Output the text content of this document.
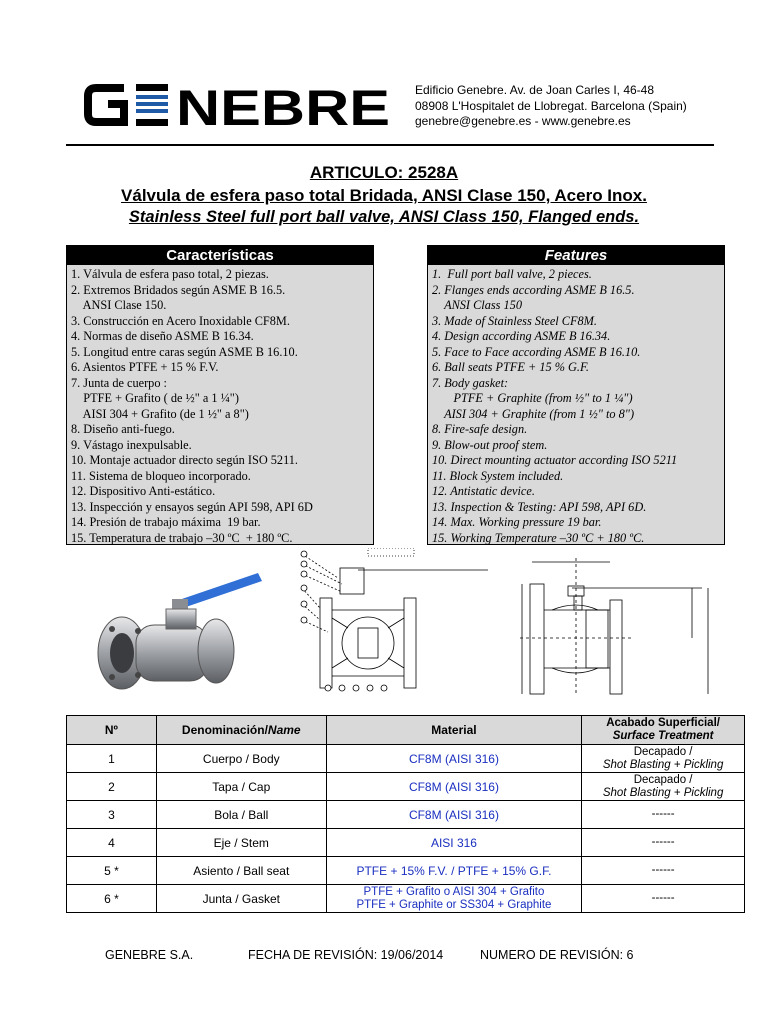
NEBRE Edificio Genebre. Av. de Joan Carles I, 46-48
08908 L'Hospitalet de Llobregat. Barcelona (Spain)
genebre@genebre.es - www.genebre.es
ARTICULO: 2528A
Válvula de esfera paso total Bridada, ANSI Clase 150, Acero Inox.
Stainless Steel full port ball valve, ANSI Class 150, Flanged ends.
Características
1. Válvula de esfera paso total, 2 piezas.
2. Extremos Bridados según ASME B 16.5.
ANSI Clase 150.
3. Construcción en Acero Inoxidable CF8M.
4. Normas de diseño ASME B 16.34.
5. Longitud entre caras según ASME B 16.10.
6. Asientos PTFE + 15 % F.V.
7. Junta de cuerpo :
PTFE + Grafito ( de ½" a 1 ¼")
AISI 304 + Grafito (de 1 ½" a 8")
8. Diseño anti-fuego.
9. Vástago inexpulsable.
10. Montaje actuador directo según ISO 5211.
11. Sistema de bloqueo incorporado.
12. Dispositivo Anti-estático.
13. Inspección y ensayos según API 598, API 6D
14. Presión de trabajo máxima  19 bar.
15. Temperatura de trabajo –30 ºC  + 180 ºC.
Features
1.  Full port ball valve, 2 pieces.
2. Flanges ends according ASME B 16.5.
ANSI Class 150
3. Made of Stainless Steel CF8M.
4. Design according ASME B 16.34.
5. Face to Face according ASME B 16.10.
6. Ball seats PTFE + 15 % G.F.
7. Body gasket:
PTFE + Graphite (from ½" to 1 ¼")
AISI 304 + Graphite (from 1 ½" to 8")
8. Fire-safe design.
9. Blow-out proof stem.
10. Direct mounting actuator according ISO 5211
11. Block System included.
12. Antistatic device.
13. Inspection & Testing: API 598, API 6D.
14. Max. Working pressure 19 bar.
15. Working Temperature –30 ºC + 180 ºC.
Nº	Denominación/Name	Material	Acabado Superficial/
Surface Treatment

1	Cuerpo / Body	CF8M (AISI 316)	Decapado /
Shot Blasting + Pickling

2	Tapa / Cap	CF8M (AISI 316)	Decapado /
Shot Blasting + Pickling

3	Bola / Ball	CF8M (AISI 316)	------

4	Eje / Stem	AISI 316	------

5 *	Asiento / Ball seat	PTFE + 15% F.V. / PTFE + 15% G.F.	------

6 *	Junta / Gasket	PTFE + Grafito o AISI 304 + Grafito
PTFE + Graphite or SS304 + Graphite	------
GENEBRE S.A.	FECHA DE REVISIÓN: 19/06/2014	NUMERO DE REVISIÓN: 6
